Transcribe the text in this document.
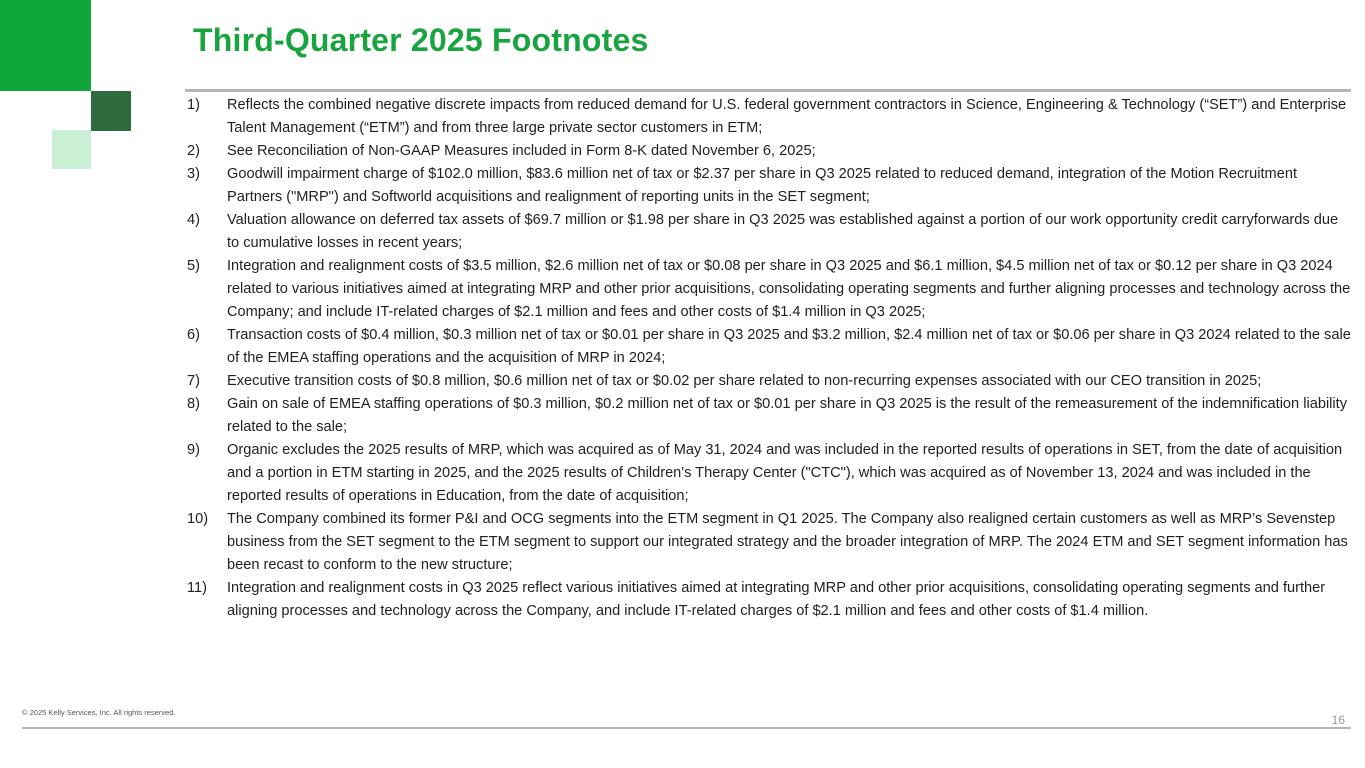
Third-Quarter 2025 Footnotes
1) Reflects the combined negative discrete impacts from reduced demand for U.S. federal government contractors in Science, Engineering & Technology (“SET”) and Enterprise Talent Management (“ETM”) and from three large private sector customers in ETM;
2) See Reconciliation of Non-GAAP Measures included in Form 8-K dated November 6, 2025;
3) Goodwill impairment charge of $102.0 million, $83.6 million net of tax or $2.37 per share in Q3 2025 related to reduced demand, integration of the Motion Recruitment Partners ("MRP") and Softworld acquisitions and realignment of reporting units in the SET segment;
4) Valuation allowance on deferred tax assets of $69.7 million or $1.98 per share in Q3 2025 was established against a portion of our work opportunity credit carryforwards due to cumulative losses in recent years;
5) Integration and realignment costs of $3.5 million, $2.6 million net of tax or $0.08 per share in Q3 2025 and $6.1 million, $4.5 million net of tax or $0.12 per share in Q3 2024 related to various initiatives aimed at integrating MRP and other prior acquisitions, consolidating operating segments and further aligning processes and technology across the Company; and include IT-related charges of $2.1 million and fees and other costs of $1.4 million in Q3 2025;
6) Transaction costs of $0.4 million, $0.3 million net of tax or $0.01 per share in Q3 2025 and $3.2 million, $2.4 million net of tax or $0.06 per share in Q3 2024 related to the sale of the EMEA staffing operations and the acquisition of MRP in 2024;
7) Executive transition costs of $0.8 million, $0.6 million net of tax or $0.02 per share related to non-recurring expenses associated with our CEO transition in 2025;
8) Gain on sale of EMEA staffing operations of $0.3 million, $0.2 million net of tax or $0.01 per share in Q3 2025 is the result of the remeasurement of the indemnification liability related to the sale;
9) Organic excludes the 2025 results of MRP, which was acquired as of May 31, 2024 and was included in the reported results of operations in SET, from the date of acquisition and a portion in ETM starting in 2025, and the 2025 results of Children's Therapy Center ("CTC"), which was acquired as of November 13, 2024 and was included in the reported results of operations in Education, from the date of acquisition;
10) The Company combined its former P&I and OCG segments into the ETM segment in Q1 2025. The Company also realigned certain customers as well as MRP’s Sevenstep business from the SET segment to the ETM segment to support our integrated strategy and the broader integration of MRP. The 2024 ETM and SET segment information has been recast to conform to the new structure;
11) Integration and realignment costs in Q3 2025 reflect various initiatives aimed at integrating MRP and other prior acquisitions, consolidating operating segments and further aligning processes and technology across the Company, and include IT-related charges of $2.1 million and fees and other costs of $1.4 million.
© 2025 Kelly Services, Inc. All rights reserved.
16
